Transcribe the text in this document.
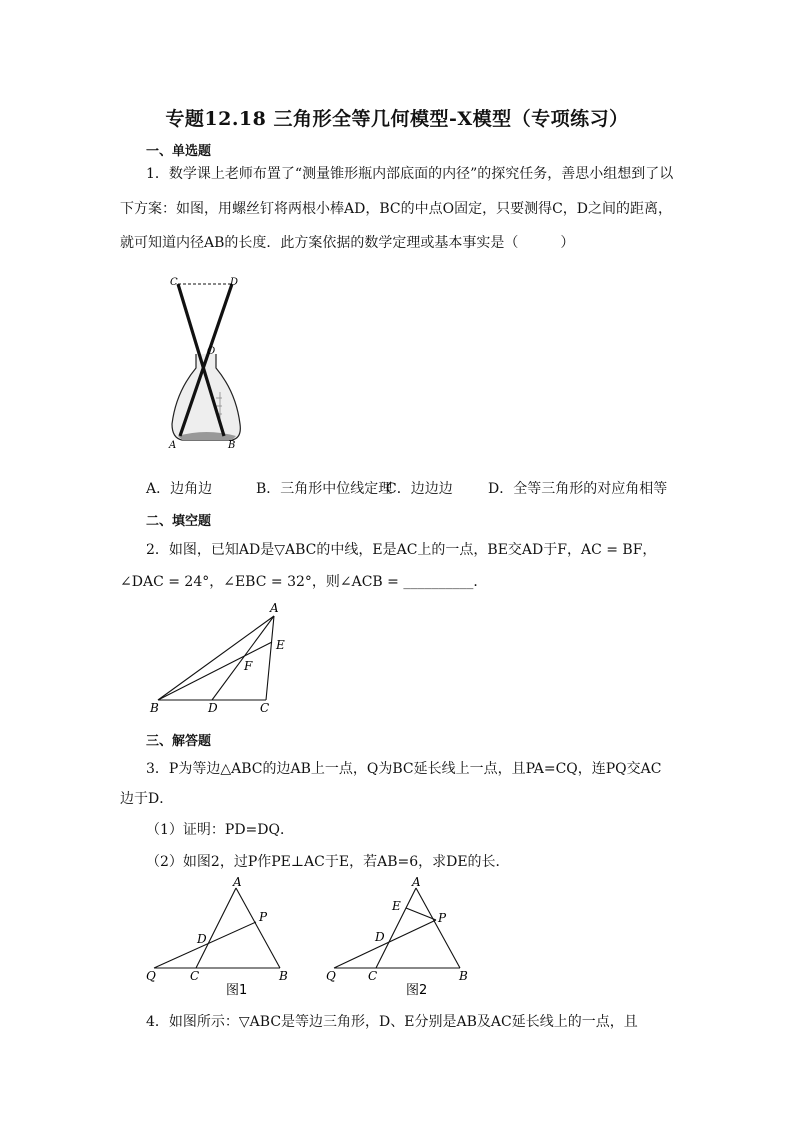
专题12.18 三角形全等几何模型-X模型（专项练习）
一、单选题
1．数学课上老师布置了“测量锥形瓶内部底面的内径”的探究任务，善思小组想到了以
下方案：如图，用螺丝钉将两根小棒AD，BC的中点O固定，只要测得C，D之间的距离，
就可知道内径AB的长度．此方案依据的数学定理或基本事实是（　　　）
C	D
O
A	B
A．边角边	B．三角形中位线定理C．边边边	D．全等三角形的对应角相等
二、填空题
2．如图，已知AD是▽ABC的中线，E是AC上的一点，BE交AD于F，AC = BF，
∠DAC = 24°，∠EBC = 32°，则∠ACB = __________．
A
E
F
B	D	C
三、解答题
3．P为等边△ABC的边AB上一点，Q为BC延长线上一点，且PA=CQ，连PQ交AC
边于D．
（1）证明：PD=DQ．
（2）如图2，过P作PE⊥AC于E，若AB=6，求DE的长．
A
P
D
Q	C	B
图1
A
E
P
D
Q	C	B
图2
4．如图所示：▽ABC是等边三角形，D、E分别是AB及AC延长线上的一点，且
